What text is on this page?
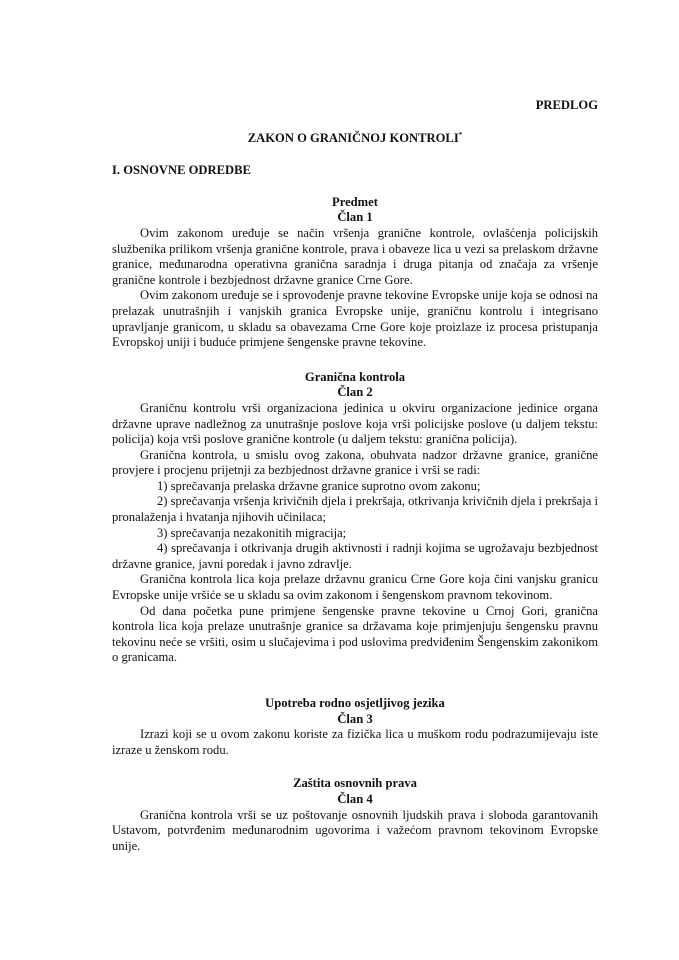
PREDLOG

ZAKON O GRANIČNOJ KONTROLI*

I. OSNOVNE ODREDBE

Predmet

Član 1

Ovim zakonom uređuje se način vršenja granične kontrole, ovlašćenja policijskih službenika prilikom vršenja granične kontrole, prava i obaveze lica u vezi sa prelaskom državne granice, međunarodna operativna granična saradnja i druga pitanja od značaja za vršenje granične kontrole i bezbjednost državne granice Crne Gore.

Ovim zakonom uređuje se i sprovođenje pravne tekovine Evropske unije koja se odnosi na prelazak unutrašnjih i vanjskih granica Evropske unije, graničnu kontrolu i integrisano upravljanje granicom, u skladu sa obavezama Crne Gore koje proizlaze iz procesa pristupanja Evropskoj uniji i buduće primjene šengenske pravne tekovine.

Granična kontrola

Član 2

Graničnu kontrolu vrši organizaciona jedinica u okviru organizacione jedinice organa državne uprave nadležnog za unutrašnje poslove koja vrši policijske poslove (u daljem tekstu: policija) koja vrši poslove granične kontrole (u daljem tekstu: granična policija).

Granična kontrola, u smislu ovog zakona, obuhvata nadzor državne granice, granične provjere i procjenu prijetnji za bezbjednost državne granice i vrši se radi:

1) sprečavanja prelaska državne granice suprotno ovom zakonu;

2) sprečavanja vršenja krivičnih djela i prekršaja, otkrivanja krivičnih djela i prekršaja i pronalaženja i hvatanja njihovih učinilaca;

3) sprečavanja nezakonitih migracija;

4) sprečavanja i otkrivanja drugih aktivnosti i radnji kojima se ugrožavaju bezbjednost državne granice, javni poredak i javno zdravlje.

Granična kontrola lica koja prelaze državnu granicu Crne Gore koja čini vanjsku granicu Evropske unije vršiće se u skladu sa ovim zakonom i šengenskom pravnom tekovinom.

Od dana početka pune primjene šengenske pravne tekovine u Crnoj Gori, granična kontrola lica koja prelaze unutrašnje granice sa državama koje primjenjuju šengensku pravnu tekovinu neće se vršiti, osim u slučajevima i pod uslovima predviđenim Šengenskim zakonikom o granicama.

Upotreba rodno osjetljivog jezika

Član 3

Izrazi koji se u ovom zakonu koriste za fizička lica u muškom rodu podrazumijevaju iste izraze u ženskom rodu.

Zaštita osnovnih prava

Član 4

Granična kontrola vrši se uz poštovanje osnovnih ljudskih prava i sloboda garantovanih Ustavom, potvrđenim međunarodnim ugovorima i važećom pravnom tekovinom Evropske unije.
